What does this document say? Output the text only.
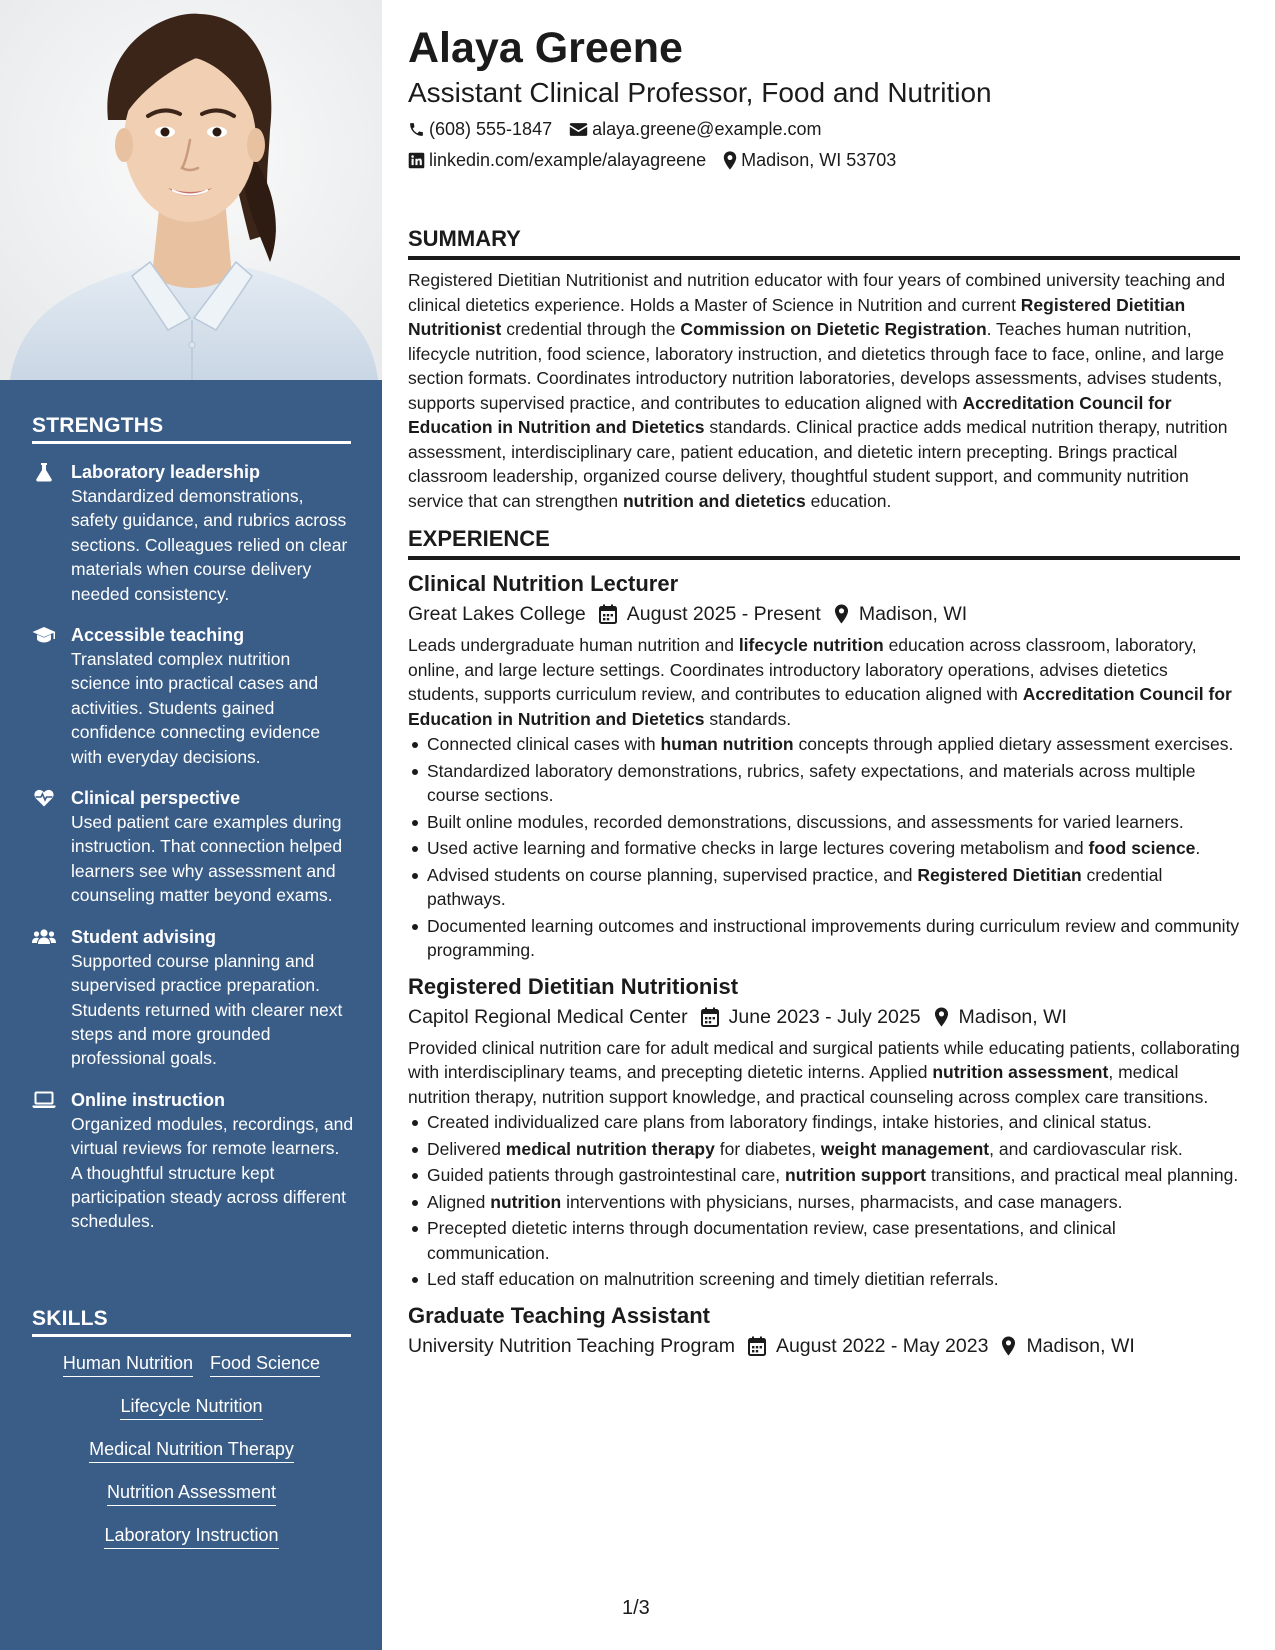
STRENGTHS
Laboratory leadership
Standardized demonstrations, safety guidance, and rubrics across sections. Colleagues relied on clear materials when course delivery needed consistency.
Accessible teaching
Translated complex nutrition science into practical cases and activities. Students gained confidence connecting evidence with everyday decisions.
Clinical perspective
Used patient care examples during instruction. That connection helped learners see why assessment and counseling matter beyond exams.
Student advising
Supported course planning and supervised practice preparation. Students returned with clearer next steps and more grounded professional goals.
Online instruction
Organized modules, recordings, and virtual reviews for remote learners. A thoughtful structure kept participation steady across different schedules.
SKILLS
Human Nutrition Food Science
Lifecycle Nutrition
Medical Nutrition Therapy
Nutrition Assessment
Laboratory Instruction
Alaya Greene
Assistant Clinical Professor, Food and Nutrition
(608) 555-1847 alaya.greene@example.com
linkedin.com/example/alayagreene Madison, WI 53703
SUMMARY

Registered Dietitian Nutritionist and nutrition educator with four years of combined university teaching and clinical dietetics experience. Holds a Master of Science in Nutrition and current Registered Dietitian Nutritionist credential through the Commission on Dietetic Registration. Teaches human nutrition, lifecycle nutrition, food science, laboratory instruction, and dietetics through face to face, online, and large section formats. Coordinates introductory nutrition laboratories, develops assessments, advises students, supports supervised practice, and contributes to education aligned with Accreditation Council for Education in Nutrition and Dietetics standards. Clinical practice adds medical nutrition therapy, nutrition assessment, interdisciplinary care, patient education, and dietetic intern precepting. Brings practical classroom leadership, organized course delivery, thoughtful student support, and community nutrition service that can strengthen nutrition and dietetics education.

EXPERIENCE
Clinical Nutrition Lecturer
Great Lakes College August 2025 - Present Madison, WI

Leads undergraduate human nutrition and lifecycle nutrition education across classroom, laboratory, online, and large lecture settings. Coordinates introductory laboratory operations, advises dietetics students, supports curriculum review, and contributes to education aligned with Accreditation Council for Education in Nutrition and Dietetics standards.

Connected clinical cases with human nutrition concepts through applied dietary assessment exercises.
Standardized laboratory demonstrations, rubrics, safety expectations, and materials across multiple course sections.
Built online modules, recorded demonstrations, discussions, and assessments for varied learners.
Used active learning and formative checks in large lectures covering metabolism and food science.
Advised students on course planning, supervised practice, and Registered Dietitian credential pathways.
Documented learning outcomes and instructional improvements during curriculum review and community programming.
Registered Dietitian Nutritionist
Capitol Regional Medical Center June 2023 - July 2025 Madison, WI

Provided clinical nutrition care for adult medical and surgical patients while educating patients, collaborating with interdisciplinary teams, and precepting dietetic interns. Applied nutrition assessment, medical nutrition therapy, nutrition support knowledge, and practical counseling across complex care transitions.

Created individualized care plans from laboratory findings, intake histories, and clinical status.
Delivered medical nutrition therapy for diabetes, weight management, and cardiovascular risk.
Guided patients through gastrointestinal care, nutrition support transitions, and practical meal planning.
Aligned nutrition interventions with physicians, nurses, pharmacists, and case managers.
Precepted dietetic interns through documentation review, case presentations, and clinical communication.
Led staff education on malnutrition screening and timely dietitian referrals.
Graduate Teaching Assistant
University Nutrition Teaching Program August 2022 - May 2023 Madison, WI
1/3
